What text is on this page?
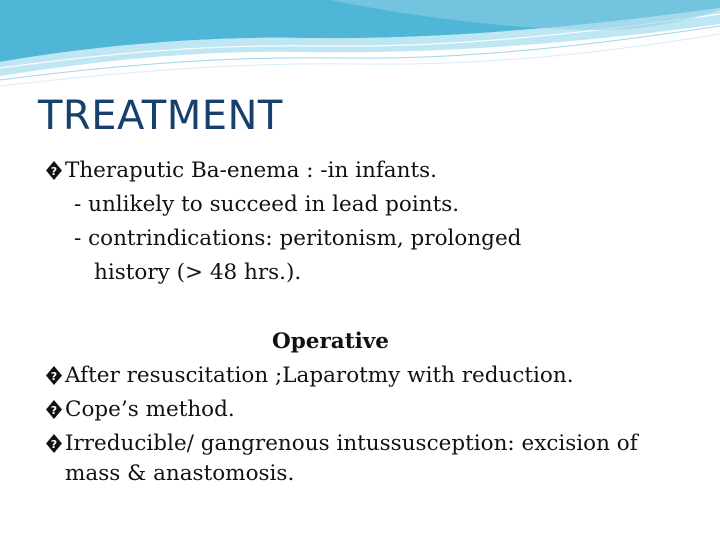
TREATMENT
? Theraputic Ba-enema : -in infants.
- unlikely to succeed in lead points.
- contrindications: peritonism, prolonged
history (> 48 hrs.).
Operative
? After resuscitation ;Laparotmy with reduction.
? Cope’s method.
? Irreducible/ gangrenous intussusception: excision of
mass & anastomosis.
